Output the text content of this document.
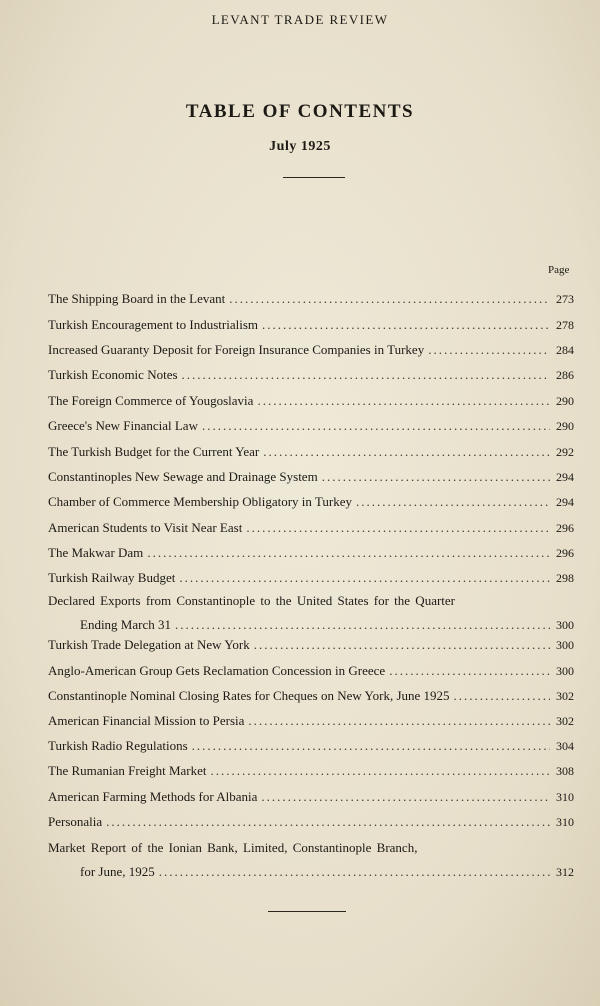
LEVANT TRADE REVIEW
TABLE OF CONTENTS
July 1925
Page
The Shipping Board in the Levant .....	273
Turkish Encouragement to Industrialism .....	278
Increased Guaranty Deposit for Foreign Insurance Companies in Turkey .....	284
Turkish Economic Notes .....	286
The Foreign Commerce of Yougoslavia .....	290
Greece's New Financial Law .....	290
The Turkish Budget for the Current Year .....	292
Constantinoples New Sewage and Drainage System .....	294
Chamber of Commerce Membership Obligatory in Turkey .....	294
American Students to Visit Near East .....	296
The Makwar Dam .....	296
Turkish Railway Budget .....	298
Declared Exports from Constantinople to the United States for the Quarter
Ending March 31 .....	300
Turkish Trade Delegation at New York .....	300
Anglo-American Group Gets Reclamation Concession in Greece .....	300
Constantinople Nominal Closing Rates for Cheques on New York, June 1925 .....	302
American Financial Mission to Persia .....	302
Turkish Radio Regulations .....	304
The Rumanian Freight Market .....	308
American Farming Methods for Albania .....	310
Personalia .....	310
Market Report of the Ionian Bank, Limited, Constantinople Branch,
for June, 1925 .....	312
